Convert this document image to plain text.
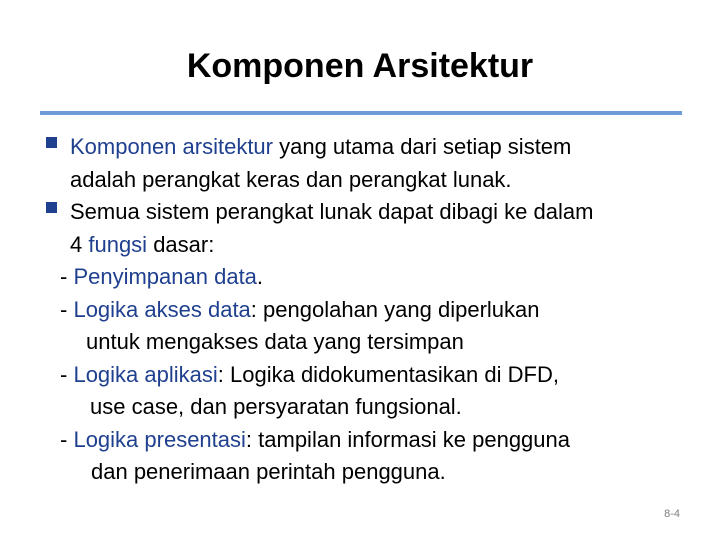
Komponen Arsitektur
Komponen arsitektur yang utama dari setiap sistem
adalah perangkat keras dan perangkat lunak.
Semua sistem perangkat lunak dapat dibagi ke dalam
4 fungsi dasar:
- Penyimpanan data.
- Logika akses data: pengolahan yang diperlukan
untuk mengakses data yang tersimpan
- Logika aplikasi: Logika didokumentasikan di DFD,
use case, dan persyaratan fungsional.
- Logika presentasi: tampilan informasi ke pengguna
dan penerimaan perintah pengguna.
8-4
